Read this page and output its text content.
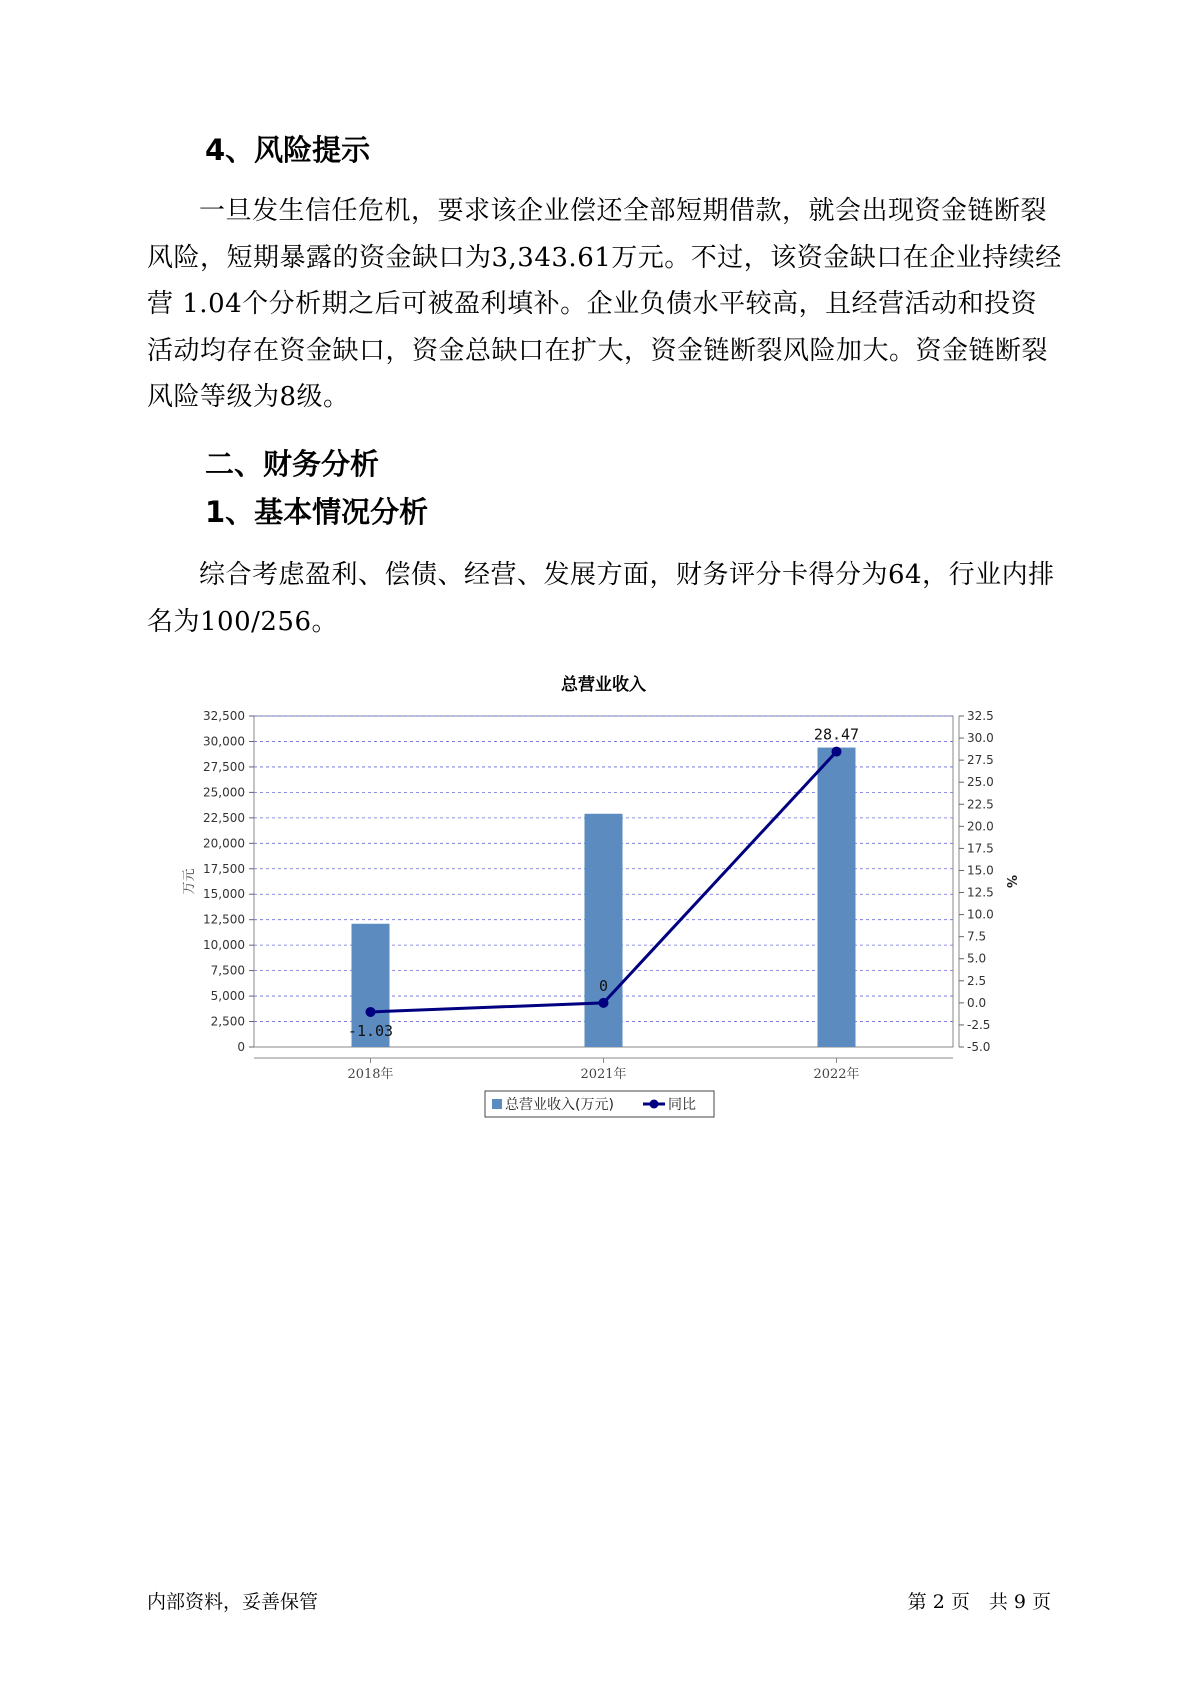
4、风险提示

一旦发生信任危机，要求该企业偿还全部短期借款，就会出现资金链断裂风险，短期暴露的资金缺口为3,343.61万元。不过，该资金缺口在企业持续经营 1.04个分析期之后可被盈利填补。企业负债水平较高，且经营活动和投资活动均存在资金缺口，资金总缺口在扩大，资金链断裂风险加大。资金链断裂风险等级为8级。

二、财务分析
1、基本情况分析

综合考虑盈利、偿债、经营、发展方面，财务评分卡得分为64，行业内排名为100/256。

总营业收入
0
2,500
5,000
7,500
10,000
12,500
15,000
17,500
20,000
22,500
25,000
27,500
30,000
32,500
-5.0
-2.5
0.0
2.5
5.0
7.5
10.0
12.5
15.0
17.5
20.0
22.5
25.0
27.5
30.0
32.5
万元	%
2018年	2021年	2022年
-1.03
0
28.47
总营业收入(万元)	同比
内部资料，妥善保管	第 2 页　共 9 页
